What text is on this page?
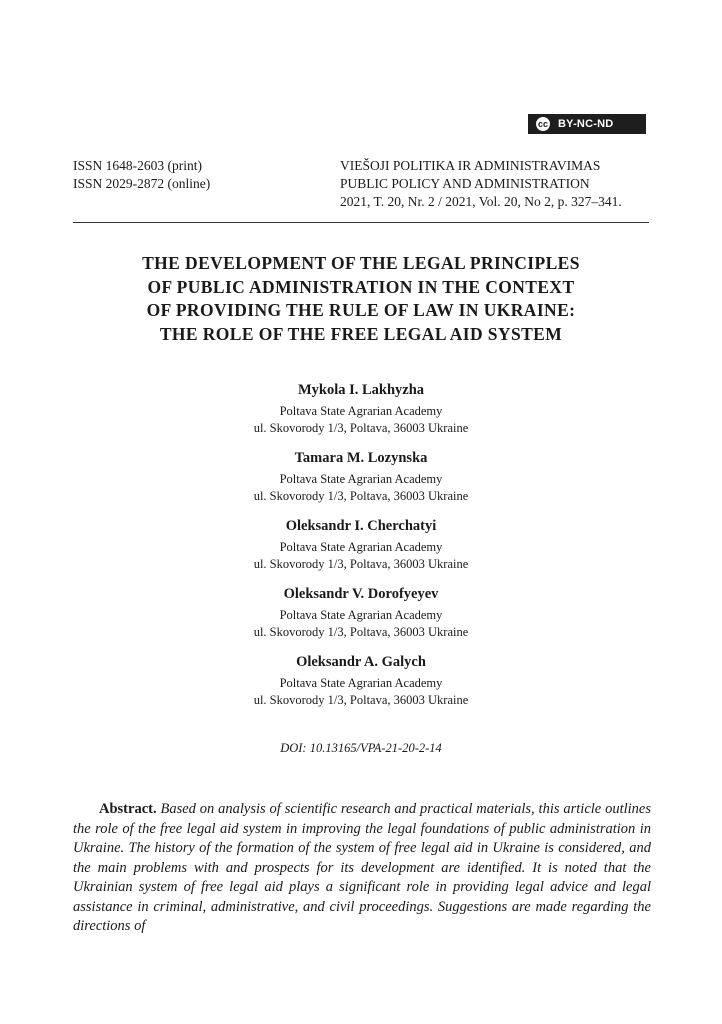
cc BY-NC-ND
ISSN 1648-2603 (print)
ISSN 2029-2872 (online)
VIEŠOJI POLITIKA IR ADMINISTRAVIMAS
PUBLIC POLICY AND ADMINISTRATION
2021, T. 20, Nr. 2 / 2021, Vol. 20, No 2, p. 327–341.
THE DEVELOPMENT OF THE LEGAL PRINCIPLES
OF PUBLIC ADMINISTRATION IN THE CONTEXT
OF PROVIDING THE RULE OF LAW IN UKRAINE:
THE ROLE OF THE FREE LEGAL AID SYSTEM
Mykola I. Lakhyzha
Poltava State Agrarian Academy
ul. Skovorody 1/3, Poltava, 36003 Ukraine
Tamara M. Lozynska
Poltava State Agrarian Academy
ul. Skovorody 1/3, Poltava, 36003 Ukraine
Oleksandr I. Cherchatyi
Poltava State Agrarian Academy
ul. Skovorody 1/3, Poltava, 36003 Ukraine
Oleksandr V. Dorofyeyev
Poltava State Agrarian Academy
ul. Skovorody 1/3, Poltava, 36003 Ukraine
Oleksandr A. Galych
Poltava State Agrarian Academy
ul. Skovorody 1/3, Poltava, 36003 Ukraine
DOI: 10.13165/VPA-21-20-2-14

Abstract. Based on analysis of scientific research and practical materials, this article outlines the role of the free legal aid system in improving the legal foundations of public administration in Ukraine. The history of the formation of the system of free legal aid in Ukraine is considered, and the main problems with and prospects for its development are identified. It is noted that the Ukrainian system of free legal aid plays a significant role in providing legal advice and legal assistance in criminal, administrative, and civil proceedings. Suggestions are made regarding the directions of
